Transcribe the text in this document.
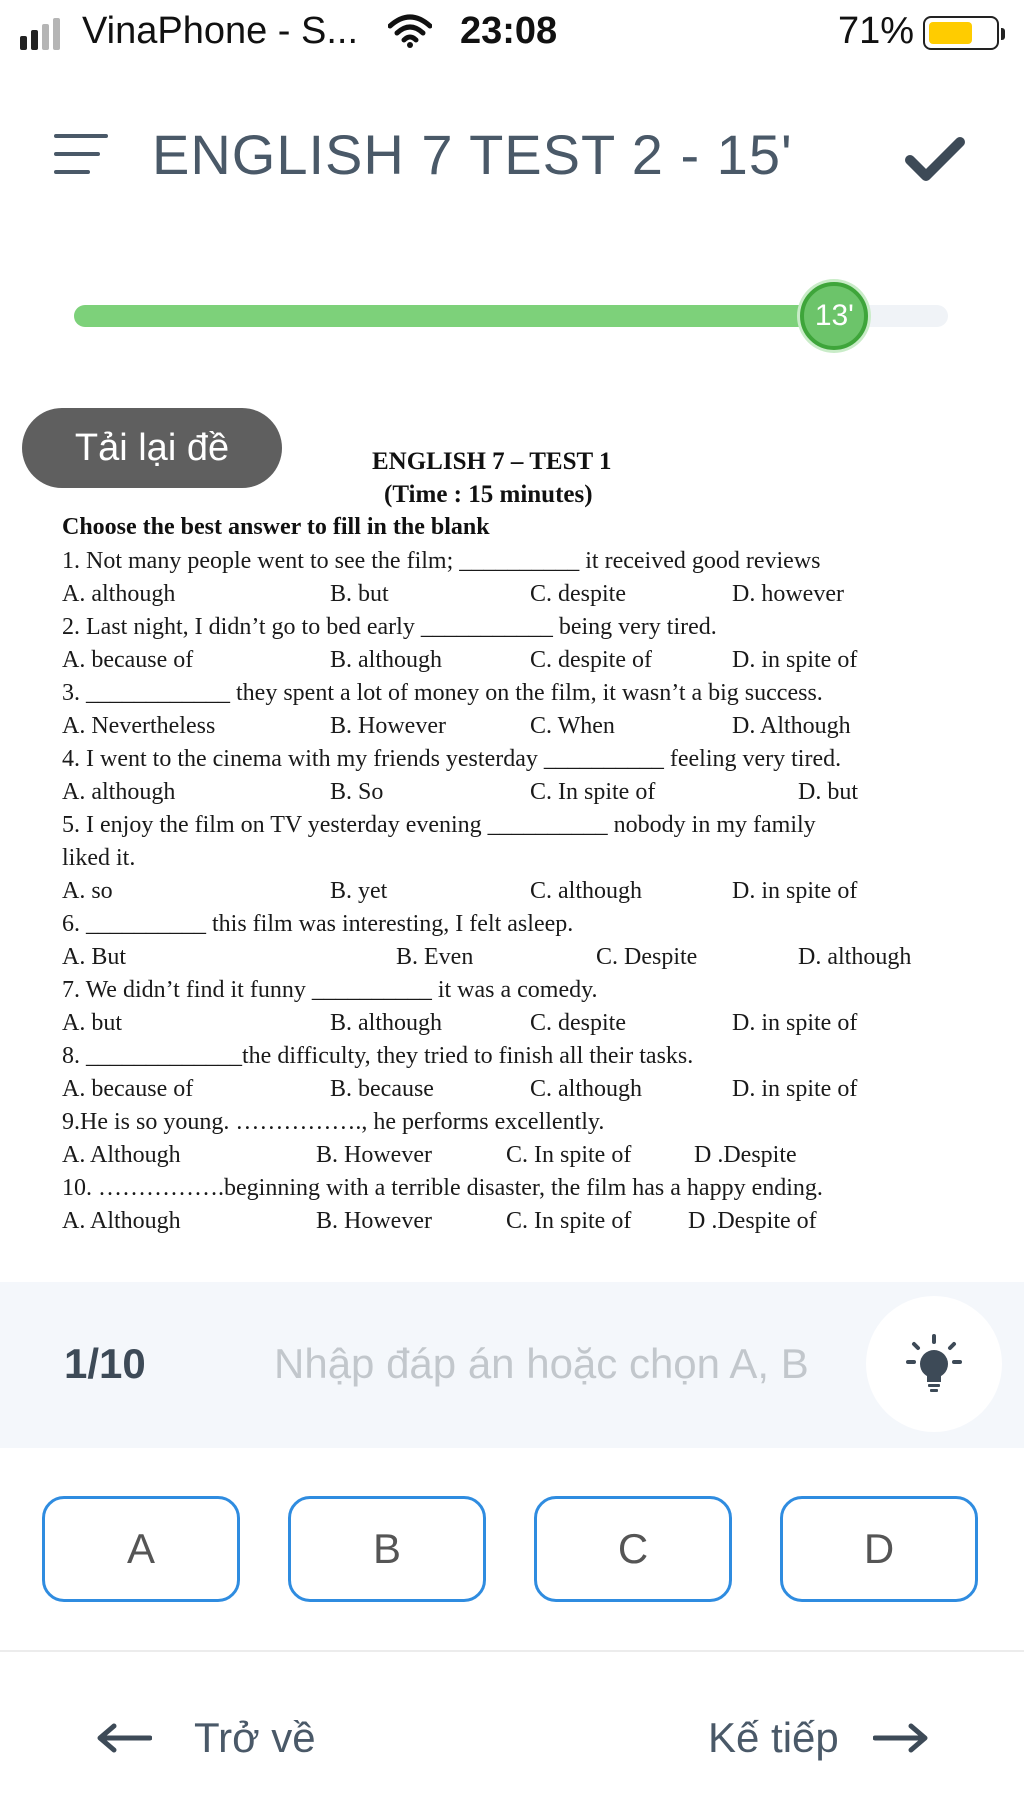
VinaPhone - S...	23:08	71%
ENGLISH 7 TEST 2 - 15'
13'
Tải lại đề	ENGLISH 7 – TEST 1
(Time : 15 minutes)
Choose the best answer to fill in the blank
1. Not many people went to see the film; __________ it received good reviews
A. although	B. but	C. despite	D. however
2. Last night, I didn’t go to bed early ___________ being very tired.
A. because of	B. although	C. despite of	D. in spite of
3. ____________ they spent a lot of money on the film, it wasn’t a big success.
A. Nevertheless	B. However	C. When	D. Although
4. I went to the cinema with my friends yesterday __________ feeling very tired.
A. although	B. So	C. In spite of	D. but
5. I enjoy the film on TV yesterday evening __________ nobody in my family
liked it.
A. so	B. yet	C. although	D. in spite of
6. __________ this film was interesting, I felt asleep.
A. But	B. Even	C. Despite	D. although
7. We didn’t find it funny __________ it was a comedy.
A. but	B. although	C. despite	D. in spite of
8. _____________the difficulty, they tried to finish all their tasks.
A. because of	B. because	C. although	D. in spite of
9.He is so young. ……………., he performs excellently.
A. Although	B. However	C. In spite of	D .Despite
10. …………….beginning with a terrible disaster, the film has a happy ending.
A. Although	B. However	C. In spite of D .Despite of
1/10
Nhập đáp án hoặc chọn A, B
A	B	C	D
Trở về	Kế tiếp
